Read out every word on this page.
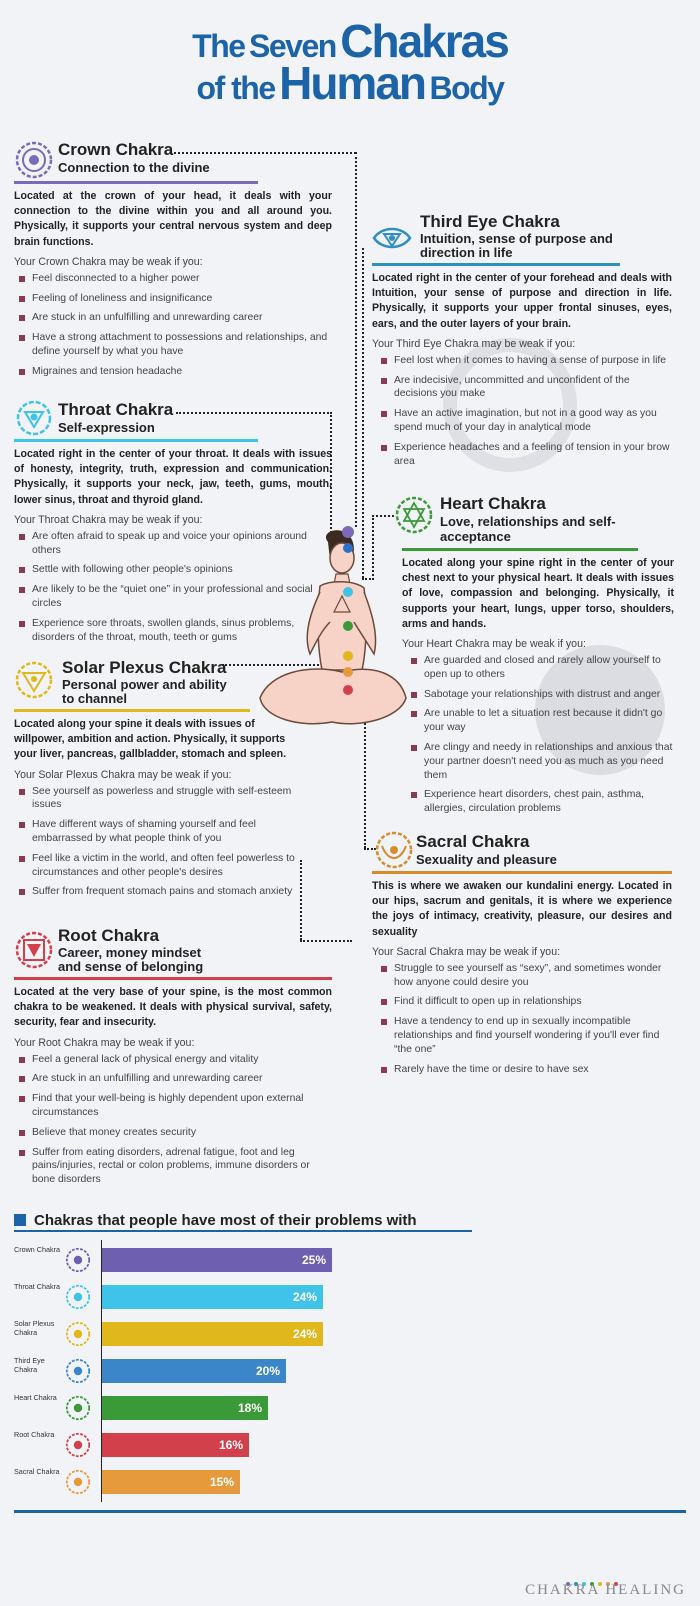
The Seven Chakras
of the Human Body
Crown Chakra
Connection to the divine
Located at the crown of your head, it deals with your connection to the divine within you and all around you. Physically, it supports your central nervous system and deep brain functions.
Your Crown Chakra may be weak if you:
Feel disconnected to a higher power
Feeling of loneliness and insignificance
Are stuck in an unfulfilling and unrewarding career
Have a strong attachment to possessions and relationships, and define yourself by what you have
Migraines and tension headache
Third Eye Chakra
Intuition, sense of purpose and direction in life
Located right in the center of your forehead and deals with Intuition, your sense of purpose and direction in life. Physically, it supports your upper frontal sinuses, eyes, ears, and the outer layers of your brain.
Your Third Eye Chakra may be weak if you:
Feel lost when it comes to having a sense of purpose in life
Are indecisive, uncommitted and unconfident of the decisions you make
Have an active imagination, but not in a good way as you spend much of your day in analytical mode
Experience headaches and a feeling of tension in your brow area
Throat Chakra
Self-expression
Located right in the center of your throat. It deals with issues of honesty, integrity, truth, expression and communication. Physically, it supports your neck, jaw, teeth, gums, mouth, lower sinus, throat and thyroid gland.
Your Throat Chakra may be weak if you:
Are often afraid to speak up and voice your opinions around others
Settle with following other people's opinions
Are likely to be the “quiet one” in your professional and social circles
Experience sore throats, swollen glands, sinus problems, disorders of the throat, mouth, teeth or gums
Heart Chakra
Love, relationships and self-acceptance
Located along your spine right in the center of your chest next to your physical heart. It deals with issues of love, compassion and belonging. Physically, it supports your heart, lungs, upper torso, shoulders, arms and hands.
Your Heart Chakra may be weak if you:
Are guarded and closed and rarely allow yourself to open up to others
Sabotage your relationships with distrust and anger
Are unable to let a situation rest because it didn't go your way
Are clingy and needy in relationships and anxious that your partner doesn't need you as much as you need them
Experience heart disorders, chest pain, asthma, allergies, circulation problems
Solar Plexus Chakra
Personal power and ability to channel
Located along your spine it deals with issues of willpower, ambition and action. Physically, it supports your liver, pancreas, gallbladder, stomach and spleen.
Your Solar Plexus Chakra may be weak if you:
See yourself as powerless and struggle with self-esteem issues
Have different ways of shaming yourself and feel embarrassed by what people think of you
Feel like a victim in the world, and often feel powerless to circumstances and other people's desires
Suffer from frequent stomach pains and stomach anxiety
Sacral Chakra
Sexuality and pleasure
This is where we awaken our kundalini energy. Located in our hips, sacrum and genitals, it is where we experience the joys of intimacy, creativity, pleasure, our desires and sexuality
Your Sacral Chakra may be weak if you:
Struggle to see yourself as “sexy”, and sometimes wonder how anyone could desire you
Find it difficult to open up in relationships
Have a tendency to end up in sexually incompatible relationships and find yourself wondering if you'll ever find “the one”
Rarely have the time or desire to have sex
Root Chakra
Career, money mindset and sense of belonging
Located at the very base of your spine, is the most common chakra to be weakened. It deals with physical survival, safety, security, fear and insecurity.
Your Root Chakra may be weak if you:
Feel a general lack of physical energy and vitality
Are stuck in an unfulfilling and unrewarding career
Find that your well-being is highly dependent upon external circumstances
Believe that money creates security
Suffer from eating disorders, adrenal fatigue, foot and leg pains/injuries, rectal or colon problems, immune disorders or bone disorders
Chakras that people have most of their problems with
Crown Chakra
25%
Throat Chakra
24%
Solar Plexus Chakra	24%
Third Eye Chakra	20%
Heart Chakra
18%
Root Chakra
16%
Sacral Chakra
15%
CHAKRA HEALING
